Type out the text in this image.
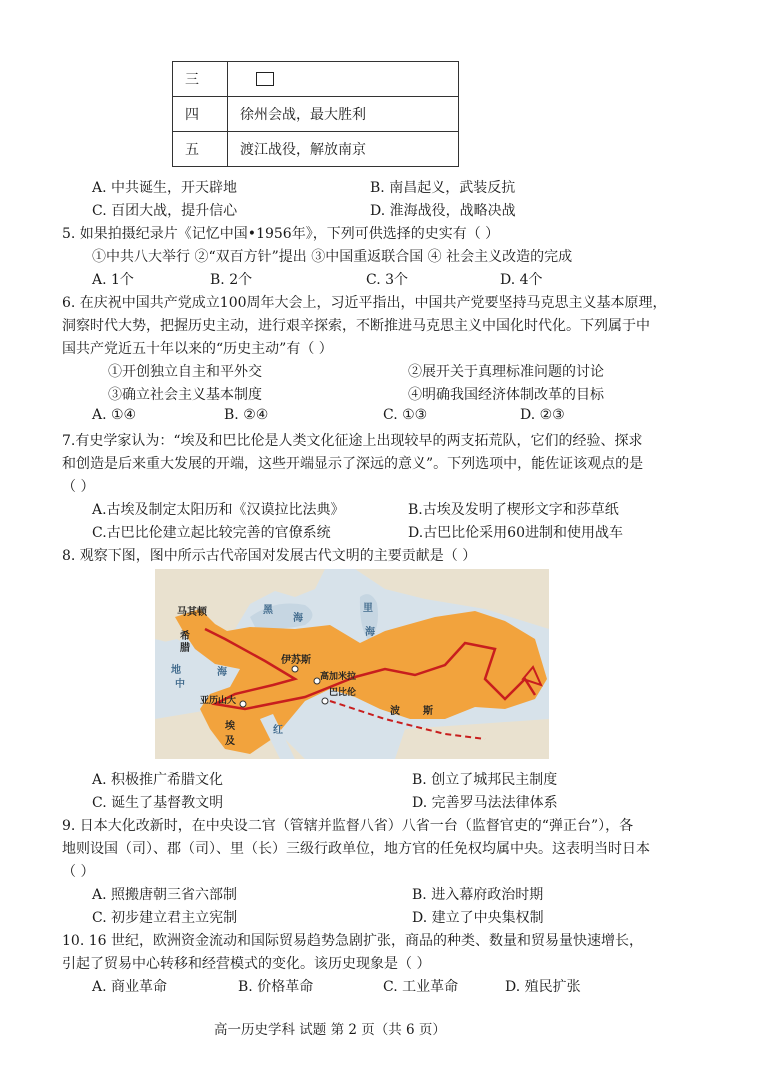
三	
四	徐州会战，最大胜利
五	渡江战役，解放南京
A. 中共诞生，开天辟地	B. 南昌起义，武装反抗
C. 百团大战，提升信心	D. 淮海战役，战略决战
5. 如果拍摄纪录片《记忆中国•1956年》，下列可供选择的史实有（ ）
①中共八大举行 ②“双百方针”提出 ③中国重返联合国 ④ 社会主义改造的完成
A. 1个	B. 2个	C. 3个	D. 4个
6. 在庆祝中国共产党成立100周年大会上，习近平指出，中国共产党要坚持马克思主义基本原理，
洞察时代大势，把握历史主动，进行艰辛探索，不断推进马克思主义中国化时代化。下列属于中
国共产党近五十年以来的“历史主动”有（ ）
①开创独立自主和平外交	②展开关于真理标准问题的讨论
③确立社会主义基本制度	④明确我国经济体制改革的目标
A. ①④	B. ②④	C. ①③	D. ②③
7.有史学家认为：“埃及和巴比伦是人类文化征途上出现较早的两支拓荒队，它们的经验、探求
和创造是后来重大发展的开端，这些开端显示了深远的意义”。下列选项中，能佐证该观点的是
（ ）
A.古埃及制定太阳历和《汉谟拉比法典》	B.古埃及发明了楔形文字和莎草纸
C.古巴比伦建立起比较完善的官僚系统	D.古巴比伦采用60进制和使用战车
8. 观察下图，图中所示古代帝国对发展古代文明的主要贡献是（ ）
马其顿
希
腊
伊苏斯
高加米拉
巴比伦
亚历山大
埃
及
波 斯
黑
海
地
中
海
红
里
海
A. 积极推广希腊文化	B. 创立了城邦民主制度
C. 诞生了基督教文明	D. 完善罗马法法律体系
9. 日本大化改新时，在中央设二官（管辖并监督八省）八省一台（监督官吏的“弹正台”），各
地则设国（司）、郡（司）、里（长）三级行政单位，地方官的任免权均属中央。这表明当时日本
（ ）
A. 照搬唐朝三省六部制	B. 进入幕府政治时期
C. 初步建立君主立宪制	D. 建立了中央集权制
10. 16 世纪，欧洲资金流动和国际贸易趋势急剧扩张，商品的种类、数量和贸易量快速增长，
引起了贸易中心转移和经营模式的变化。该历史现象是（ ）
A. 商业革命	B. 价格革命	C. 工业革命	D. 殖民扩张
高一历史学科 试题 第 2 页（共 6 页）
